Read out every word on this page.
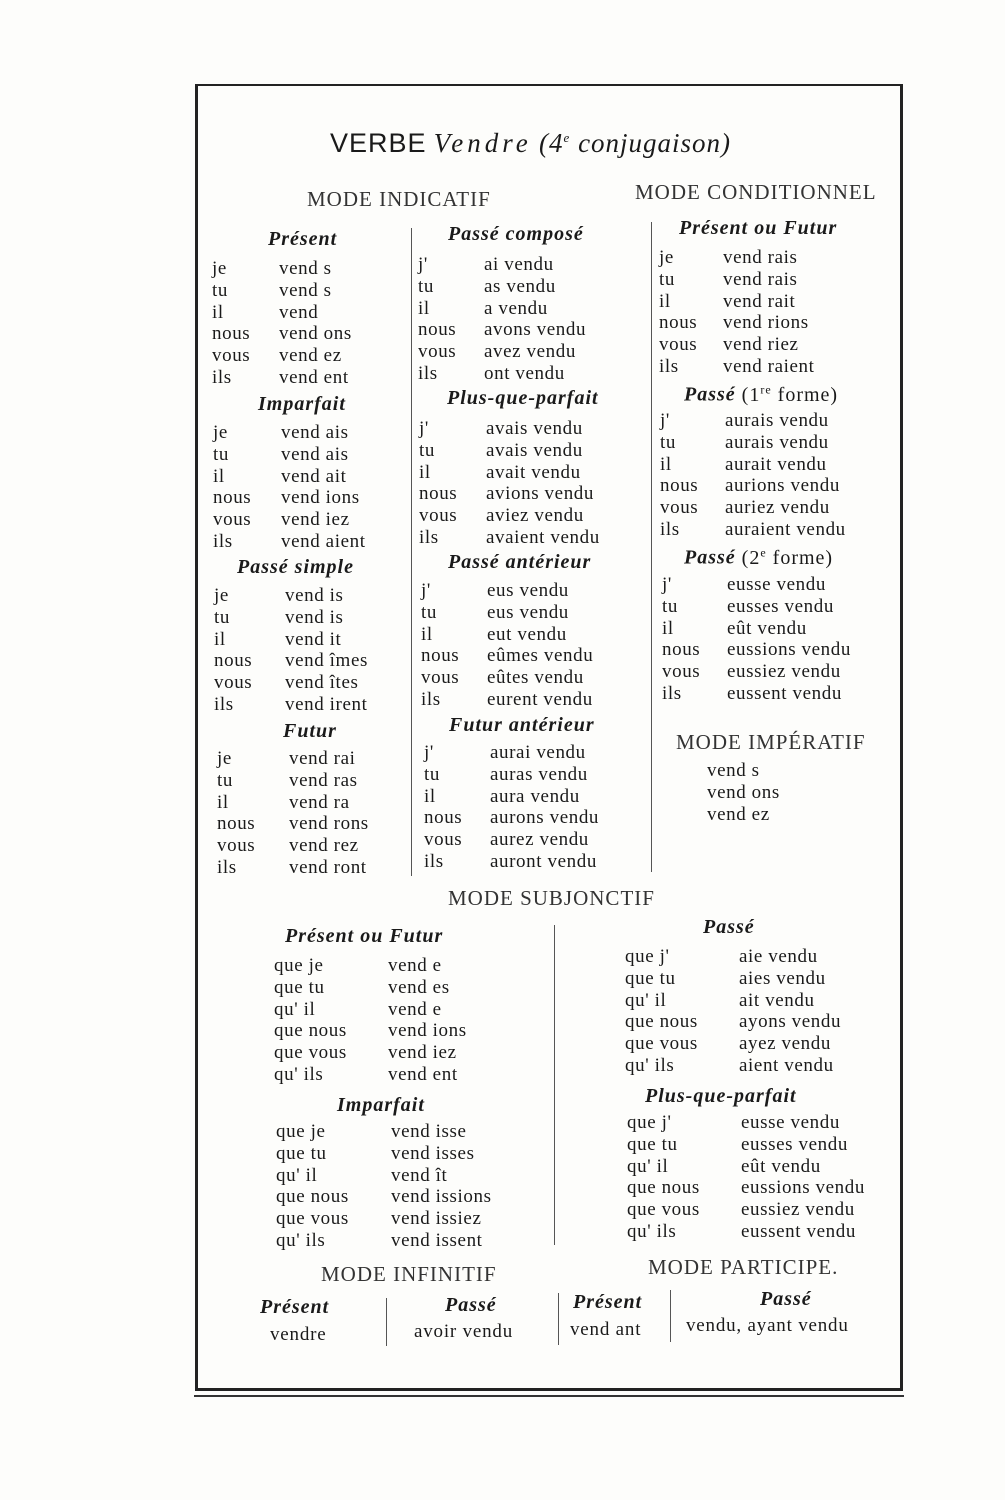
VERBE Vendre (4e conjugaison)
MODE INDICATIF	MODE CONDITIONNEL
Présent
je	vend s
tu	vend s
il	vend
nous	vend ons
vous	vend ez
ils	vend ent
Imparfait
je	vend ais
tu	vend ais
il	vend ait
nous	vend ions
vous	vend iez
ils	vend aient
Passé simple
je	vend is
tu	vend is
il	vend it
nous	vend îmes
vous	vend îtes
ils	vend irent
Futur
je	vend rai
tu	vend ras
il	vend ra
nous	vend rons
vous	vend rez
ils	vend ront
Passé composé
j'	ai vendu
tu	as vendu
il	a vendu
nous	avons vendu
vous	avez vendu
ils	ont vendu
Plus-que-parfait
j'	avais vendu
tu	avais vendu
il	avait vendu
nous	avions vendu
vous	aviez vendu
ils	avaient vendu
Passé antérieur
j'	eus vendu
tu	eus vendu
il	eut vendu
nous	eûmes vendu
vous	eûtes vendu
ils	eurent vendu
Futur antérieur
j'	aurai vendu
tu	auras vendu
il	aura vendu
nous	aurons vendu
vous	aurez vendu
ils	auront vendu
Présent ou Futur
je	vend rais
tu	vend rais
il	vend rait
nous	vend rions
vous	vend riez
ils	vend raient
Passé (1re forme)
j'	aurais vendu
tu	aurais vendu
il	aurait vendu
nous	aurions vendu
vous	auriez vendu
ils	auraient vendu
Passé (2e forme)
j'	eusse vendu
tu	eusses vendu
il	eût vendu
nous	eussions vendu
vous	eussiez vendu
ils	eussent vendu
MODE IMPÉRATIF
vend s
vend ons
vend ez
MODE SUBJONCTIF
Présent ou Futur
que je	vend e
que tu	vend es
qu' il	vend e
que nous	vend ions
que vous	vend iez
qu' ils	vend ent
Imparfait
que je	vend isse
que tu	vend isses
qu' il	vend ît
que nous	vend issions
que vous	vend issiez
qu' ils	vend issent
Passé
que j'	aie vendu
que tu	aies vendu
qu' il	ait vendu
que nous	ayons vendu
que vous	ayez vendu
qu' ils	aient vendu
Plus-que-parfait
que j'	eusse vendu
que tu	eusses vendu
qu' il	eût vendu
que nous	eussions vendu
que vous	eussiez vendu
qu' ils	eussent vendu
MODE INFINITIF	MODE PARTICIPE.
Présent
vendre
Passé
avoir vendu
Présent
vend ant
Passé
vendu, ayant vendu
